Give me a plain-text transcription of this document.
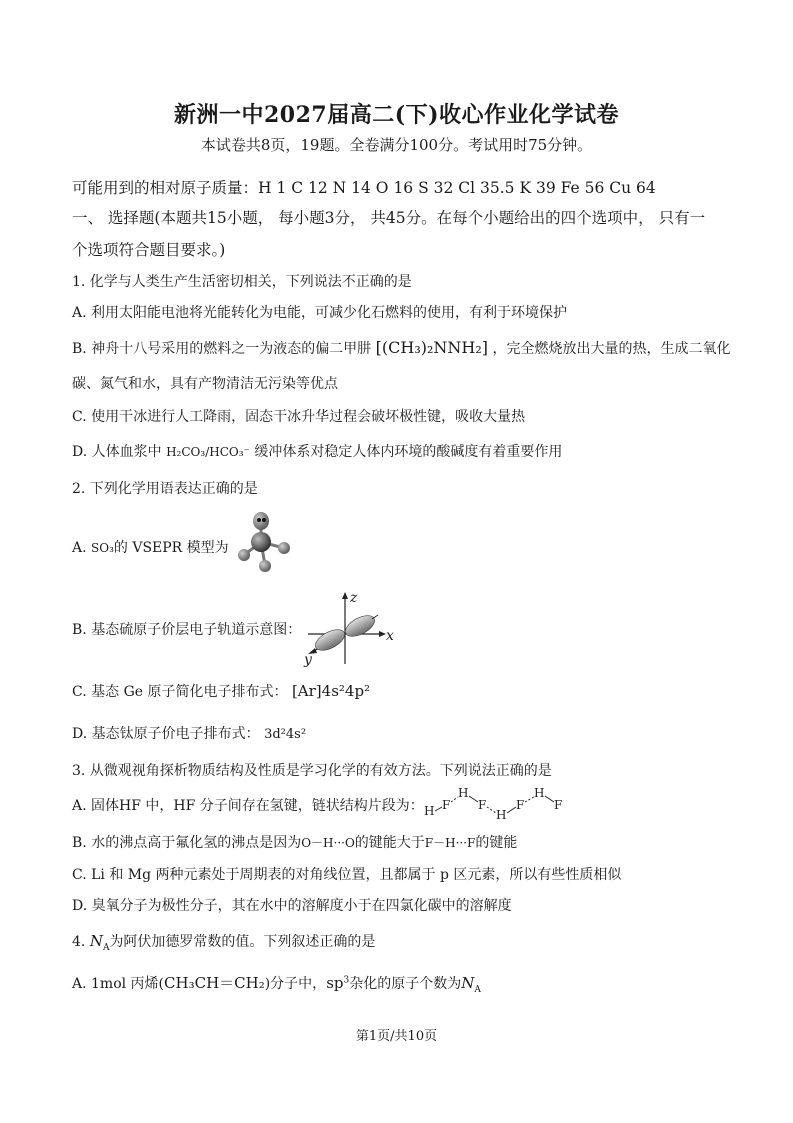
新洲一中2027届高二(下)收心作业化学试卷
本试卷共8页，19题。全卷满分100分。考试用时75分钟。
可能用到的相对原子质量：H 1 C 12 N 14 O 16 S 32 Cl 35.5 K 39 Fe 56 Cu 64
一、 选择题(本题共15小题， 每小题3分， 共45分。在每个小题给出的四个选项中， 只有一
个选项符合题目要求。)
1. 化学与人类生产生活密切相关，下列说法不正确的是
A. 利用太阳能电池将光能转化为电能，可减少化石燃料的使用，有利于环境保护
B. 神舟十八号采用的燃料之一为液态的偏二甲肼 [(CH₃)₂NNH₂] ，完全燃烧放出大量的热，生成二氧化
碳、氮气和水，具有产物清洁无污染等优点
C. 使用干冰进行人工降雨，固态干冰升华过程会破坏极性键，吸收大量热
D. 人体血浆中 H₂CO₃/HCO₃⁻ 缓冲体系对稳定人体内环境的酸碱度有着重要作用
2. 下列化学用语表达正确的是
A. SO₃的 VSEPR 模型为
B. 基态硫原子价层电子轨道示意图：
z
x
y
C. 基态 Ge 原子简化电子排布式： [Ar]4s²4p²
D. 基态钛原子价电子排布式： 3d²4s²
3. 从微观视角探析物质结构及性质是学习化学的有效方法。下列说法正确的是
A. 固体HF 中，HF 分子间存在氢键，链状结构片段为： H F
H
F
H
F
H
F
B. 水的沸点高于氟化氢的沸点是因为O－H···O的键能大于F－H···F的键能
C. Li 和 Mg 两种元素处于周期表的对角线位置，且都属于 p 区元素，所以有些性质相似
D. 臭氧分子为极性分子，其在水中的溶解度小于在四氯化碳中的溶解度
4. $N_A$为阿伏加德罗常数的值。下列叙述正确的是
A. 1mol 丙烯(CH₃CH＝CH₂)分子中，$sp^3$杂化的原子个数为$N_A$
第1页/共10页
